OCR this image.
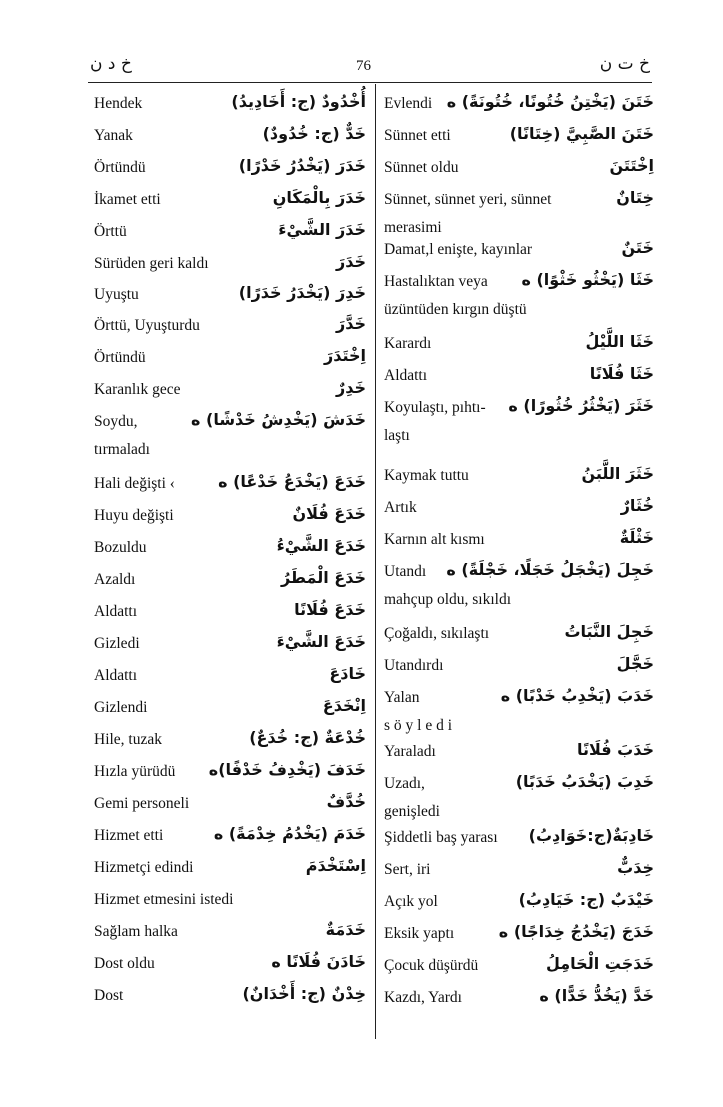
خ د ن	76	خ ت ن
Hendek	أُخْدُودٌ (ج: أَخَادِيدُ)
Yanak	خَدٌّ (ج: خُدُودٌ)
Örtündü	خَدَرَ (يَخْدُرُ خَدْرًا)
İkamet etti	خَدَرَ بِالْمَكَانِ
Örttü	خَدَرَ الشَّيْءَ
Sürüden geri kaldı	خَدَرَ
Uyuştu	خَدِرَ (يَخْدَرُ خَدَرًا)
Örttü, Uyuşturdu	خَدَّرَ
Örtündü	اِخْتَدَرَ
Karanlık gece	خَدِرٌ
Soydu,
tırmaladı
خَدَشَ (يَخْدِشُ خَدْشًا) ه
Hali değişti ‹	خَدَعَ (يَخْدَعُ خَدْعًا) ه
Huyu değişti	خَدَعَ فُلَانٌ
Bozuldu	خَدَعَ الشَّيْءُ
Azaldı	خَدَعَ الْمَطَرُ
Aldattı	خَدَعَ فُلَانًا
Gizledi	خَدَعَ الشَّيْءَ
Aldattı	خَادَعَ
Gizlendi	اِنْخَدَعَ
Hile, tuzak	خُدْعَةٌ (ج: خُدَعٌ)
Hızla yürüdü خَدَفَ (يَخْدِفُ خَدْفًا)ه
Gemi personeli	خُدَّفٌ
Hizmet etti	خَدَمَ (يَخْدُمُ خِدْمَةً) ه
Hizmetçi edindi	اِسْتَخْدَمَ
Hizmet etmesini istedi
Sağlam halka	خَدَمَةٌ
Dost oldu	خَادَنَ فُلَانًا ه
Dost	خِدْنٌ (ج: أَخْدَانٌ)
Evlendi خَتَنَ (يَخْتِنُ خُتُونًا، خُتُونَةً) ه
Sünnet etti	خَتَنَ الصَّبِيَّ (خِتَانًا)
Sünnet oldu	اِخْتَتَنَ
Sünnet, sünnet yeri, sünnet
merasimi
خِتَانٌ
Damat,l enişte, kayınlar	خَتَنٌ
Hastalıktan veya
üzüntüden kırgın düştü
خَثَا (يَخْثُو خَثْوًا) ه
Karardı	خَثَا اللَّيْلُ
Aldattı	خَثَا فُلَانًا
Koyulaştı, pıhtı-
laştı
خَثَرَ (يَخْثُرُ خُثُورًا) ه
Kaymak tuttu	خَثَرَ اللَّبَنُ
Artık	خُثَارٌ
Karnın alt kısmı	خَثْلَةٌ
Utandı
mahçup oldu, sıkıldı
خَجِلَ (يَخْجَلُ خَجَلًا، خَجْلَةً) ه
Çoğaldı, sıkılaştı	خَجِلَ النَّبَاتُ
Utandırdı	خَجَّلَ
Yalan
s ö y l e d i
خَدَبَ (يَخْدِبُ خَدْبًا) ه
Yaraladı	خَدَبَ فُلَانًا
Uzadı,
genişledi
خَدِبَ (يَخْدَبُ خَدَبًا)
Şiddetli baş yarası خَادِبَةٌ(ج:خَوَادِبُ)
Sert, iri	خِدَبٌّ
Açık yol	خَيْدَبٌ (ج: خَيَادِبُ)
Eksik yaptı	خَدَجَ (يَخْدُجُ خِدَاجًا) ه
Çocuk düşürdü	خَدَجَتِ الْحَامِلُ
Kazdı, Yardı	خَدَّ (يَخُدُّ خَدًّا) ه
